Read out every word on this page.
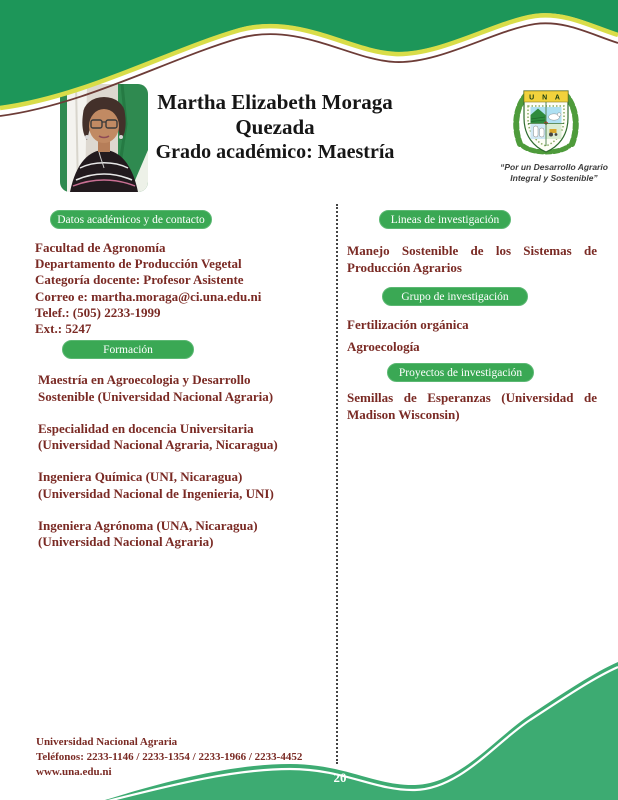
Martha Elizabeth Moraga Quezada
Grado académico: Maestría
U N A
“Por un Desarrollo Agrario
Integral y Sostenible”
Datos académicos y de contacto
Facultad de Agronomía
Departamento de Producción Vegetal
Categoría docente: Profesor Asistente
Correo e: martha.moraga@ci.una.edu.ni
Telef.: (505) 2233-1999
Ext.: 5247
Formación
Maestría en Agroecologia y Desarrollo
Sostenible (Universidad Nacional Agraria)
Especialidad en docencia Universitaria
(Universidad Nacional Agraria, Nicaragua)
Ingeniera Química (UNI, Nicaragua)
(Universidad Nacional de Ingenieria, UNI)
Ingeniera Agrónoma (UNA, Nicaragua)
(Universidad Nacional Agraria)
Lineas de investigación
Manejo Sostenible de los Sistemas de Producción Agrarios
Grupo de investigación
Fertilización orgánica
Agroecología
Proyectos de investigación
Semillas de Esperanzas (Universidad de Madison Wisconsin)
Universidad Nacional Agraria
Teléfonos: 2233-1146 / 2233-1354 / 2233-1966 / 2233-4452
www.una.edu.ni	20
